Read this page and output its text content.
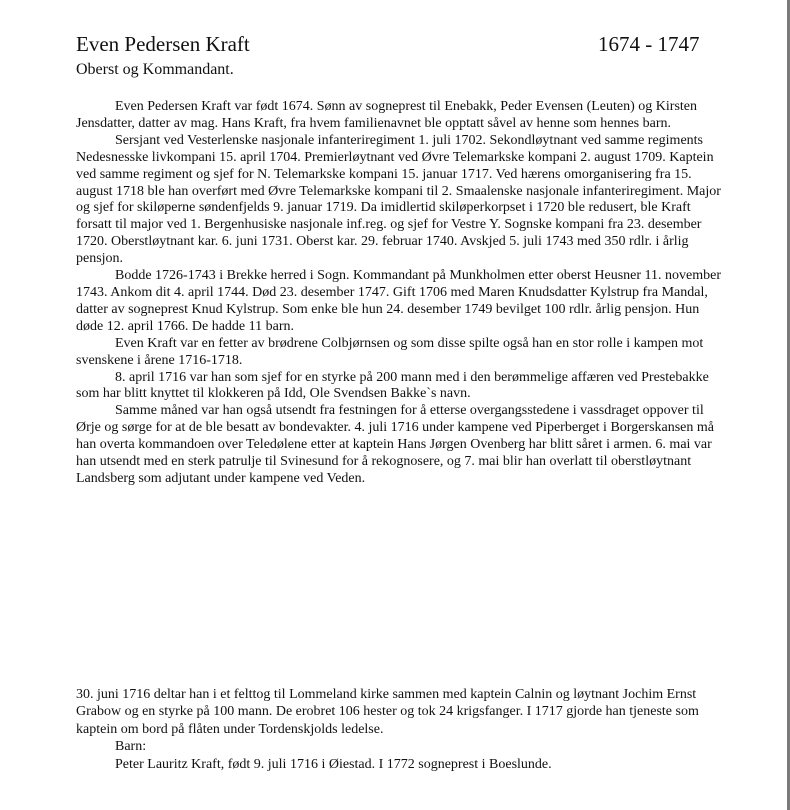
Even Pedersen Kraft	1674 - 1747
Oberst og Kommandant.

Even Pedersen Kraft var født 1674. Sønn av sogneprest til Enebakk, Peder Evensen (Leuten) og Kirsten Jensdatter, datter av mag. Hans Kraft, fra hvem familienavnet ble opptatt såvel av henne som hennes barn.

Sersjant ved Vesterlenske nasjonale infanteriregiment 1. juli 1702. Sekondløytnant ved samme regiments Nedesnesske livkompani 15. april 1704. Premierløytnant ved Øvre Telemarkske kompani 2. august 1709. Kaptein ved samme regiment og sjef for N. Telemarkske kompani 15. januar 1717. Ved hærens omorganisering fra 15. august 1718 ble han overført med Øvre Telemarkske kompani til 2. Smaalenske nasjonale infanteriregiment. Major og sjef for skiløperne søndenfjelds 9. januar 1719. Da imidlertid skiløperkorpset i 1720 ble redusert, ble Kraft forsatt til major ved 1. Bergenhusiske nasjonale inf.reg. og sjef for Vestre Y. Sognske kompani fra 23. desember 1720. Oberstløytnant kar. 6. juni 1731. Oberst kar. 29. februar 1740. Avskjed 5. juli 1743 med 350 rdlr. i årlig pensjon.

Bodde 1726-1743 i Brekke herred i Sogn. Kommandant på Munkholmen etter oberst Heusner 11. november 1743. Ankom dit 4. april 1744. Død 23. desember 1747. Gift 1706 med Maren Knudsdatter Kylstrup fra Mandal, datter av sogneprest Knud Kylstrup. Som enke ble hun 24. desember 1749 bevilget 100 rdlr. årlig pensjon. Hun døde 12. april 1766. De hadde 11 barn.

Even Kraft var en fetter av brødrene Colbjørnsen og som disse spilte også han en stor rolle i kampen mot svenskene i årene 1716-1718.

8. april 1716 var han som sjef for en styrke på 200 mann med i den berømmelige affæren ved Prestebakke som har blitt knyttet til klokkeren på Idd, Ole Svendsen Bakke`s navn.

Samme måned var han også utsendt fra festningen for å etterse overgangsstedene i vassdraget oppover til Ørje og sørge for at de ble besatt av bondevakter. 4. juli 1716 under kampene ved Piperberget i Borgerskansen må han overta kommandoen over Teledølene etter at kaptein Hans Jørgen Ovenberg har blitt såret i armen. 6. mai var han utsendt med en sterk patrulje til Svinesund for å rekognosere, og 7. mai blir han overlatt til oberstløytnant Landsberg som adjutant under kampene ved Veden.

30. juni 1716 deltar han i et felttog til Lommeland kirke sammen med kaptein Calnin og løytnant Jochim Ernst Grabow og en styrke på 100 mann. De erobret 106 hester og tok 24 krigsfanger. I 1717 gjorde han tjeneste som kaptein om bord på flåten under Tordenskjolds ledelse.

Barn:

Peter Lauritz Kraft, født 9. juli 1716 i Øiestad. I 1772 sogneprest i Boeslunde.
